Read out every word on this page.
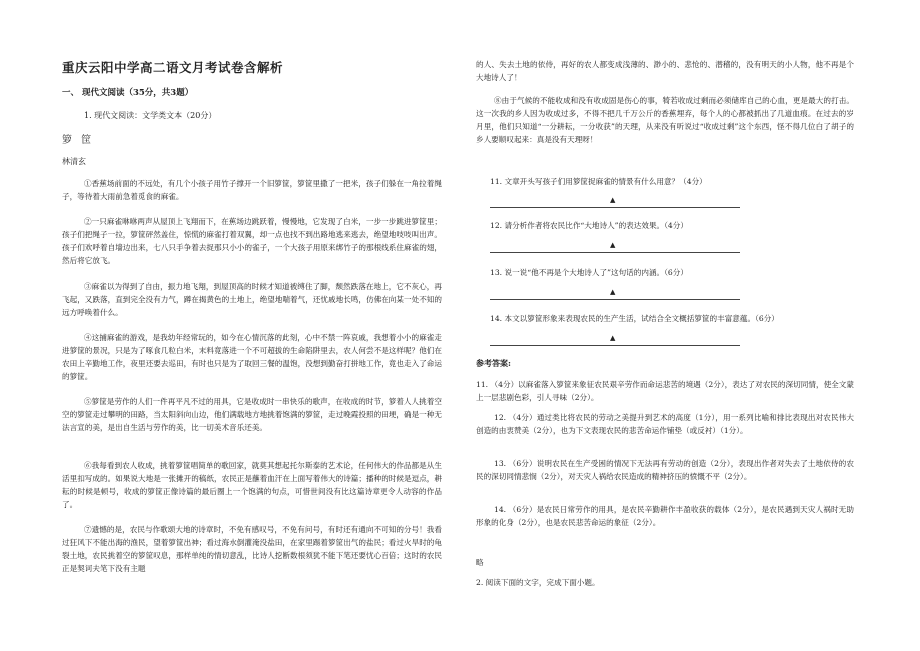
重庆云阳中学高二语文月考试卷含解析
一、 现代文阅读（35分，共3题）
1. 现代文阅读：文学类文本（20分）
箩 筐
林清玄

①香蕉场前面的不远处，有几个小孩子用竹子撑开一个旧箩筐，箩筐里撒了一把米，孩子们躲在一角拉着绳子，等待着大雨前急着觅食的麻雀。

②一只麻雀咻咻两声从屋顶上飞翔而下，在蕉场边跳跃着，慢慢地，它发现了白米，一步一步跳进箩筐里；孩子们把绳子一拉，箩筐砰然盖住，惊慌的麻雀打着双翼，却一点也找不到出路地逃来逃去，绝望地吱吱叫出声。孩子们欢呼着自墙边出来，七八只手争着去捉那只小小的雀子，一个大孩子用原来绑竹子的那根线系住麻雀的翅，然后将它放飞。

③麻雀以为得到了自由，振力地飞翔，到屋顶高的时候才知道被缚住了脚，颓然跌落在地上，它不灰心，再飞起，又跌落，直到完全没有力气，蹲在揭黄色的土地上，绝望地喘着气，还忧戚地长鸣，仿佛在向某一处不知的远方呼唤着什么。

④这捕麻雀的游戏，是我幼年经常玩的，如今在心情沉落的此刻，心中不禁一阵哀戚，我想着小小的麻雀走进箩筐的景况，只是为了啄食几粒白米，末料竟落进一个不可超拔的生命陷阱里去，农人何尝不是这样呢？他们在农田上辛勤地工作，夜里还要去巡田，有时也只是为了取回三餐的温饱，没想到勤奋打拼地工作，竟也走入了命运的箩筐。

⑤箩筐是劳作的人们一件再平凡不过的用具，它是收成时一串快乐的歌声，在收成的时节，箩着人人挑着空空的箩筐走过攀明的田路，当太阳斜向山边，他们满载地方地挑着饱满的箩筐，走过晚霞投照的田埂，确是一种无法言宣的美，是出自生活与劳作的美，比一切美术音乐还美。

⑥我每看到农人收成，挑着箩筐唱简单的歌回家，就莫其想起托尔斯泰的艺术论，任何伟大的作品都是从生活里扣写成的。如果说大地是一张摊开的稿纸，农民正是蘸着血汗在上面写着伟大的诗篇；播种的时候是逗点，耕耘的时候是顿号，收成的箩筐正像诗篇的最后圈上一个饱满的句点，可惜世间没有比这篇诗章更令人动容的作品了。

⑦遗憾的是，农民与作歌颂大地的诗章时，不免有感叹号，不免有问号，有时还有通向不可知的分号！我看过狂风下不能出海的渔民，望着箩筐出神；看过海水倒灌淹没盐田，在家里踢着箩筐出气的盐民；看过火旱时的龟裂土地，农民挑着空的箩筐叹息，那样单纯的情切意乱，比诗人挖断数根须犹不能下笔还要忧心百倍；这时的农民正是契诃夫笔下没有主题

的人、失去土地的依侍，再好的农人都变成浅薄的、渺小的、悲怆的、潜稽的，没有明天的小人物，他不再是个大地诗人了！

⑧由于气候的不能收成和没有收成固是伤心的事，犄若收成过剩而必须储库自己的心血，更是最大的打击。这一次我的乡人因为收成过多，不得不把几千万公斤的香蕉埋弃，每个人的心都被抓出了几道血痕。在过去的岁月里，他们只知道“一分耕耘，一分收获”的天理，从来没有听说过“收成过剩”这个东西，怪不得几位白了胡子的乡人要顺叹起来：真是没有天理呀！

11. 文章开头写孩子们用箩筐捉麻雀的情景有什么用意？（4分）
▲
12. 请分析作者将农民比作“大地诗人”的表达效果。（4分）
▲
13. 说一说“他不再是个大地诗人了”这句话的内涵。（6分）
▲
14. 本文以箩筐形象来表现农民的生产生活，试结合全文概括箩筐的丰富意蕴。（6分）
▲
参考答案:

11. （4分）以麻雀落入箩筐来象征农民艰辛劳作而命运悲苦的境遇（2分），表达了对农民的深切同情，使全文蒙上一层悲剧色彩，引人寻味（2分）。

12. （4分）通过类比将农民的劳动之美提升到艺术的高度（1分），用一系列比喻和排比表现出对农民伟大创造的由衷赞美（2分），也为下文表现农民的悲苦命运作铺垫（或反衬）（1分）。

13. （6分）说明农民在生产受困的情况下无法再有劳动的创造（2分），表现出作者对失去了土地依侍的农民的深切同情悲悯（2分），对天灾人祸给农民造成的精神挤压的愤慨不平（2分）。

14. （6分）是农民日常劳作的用具，是农民辛勤耕作丰盈收获的载体（2分），是农民遇到天灾人祸时无助形象的化身（2分），也是农民悲苦命运的象征（2分）。

略
2. 阅读下面的文字，完成下面小题。
